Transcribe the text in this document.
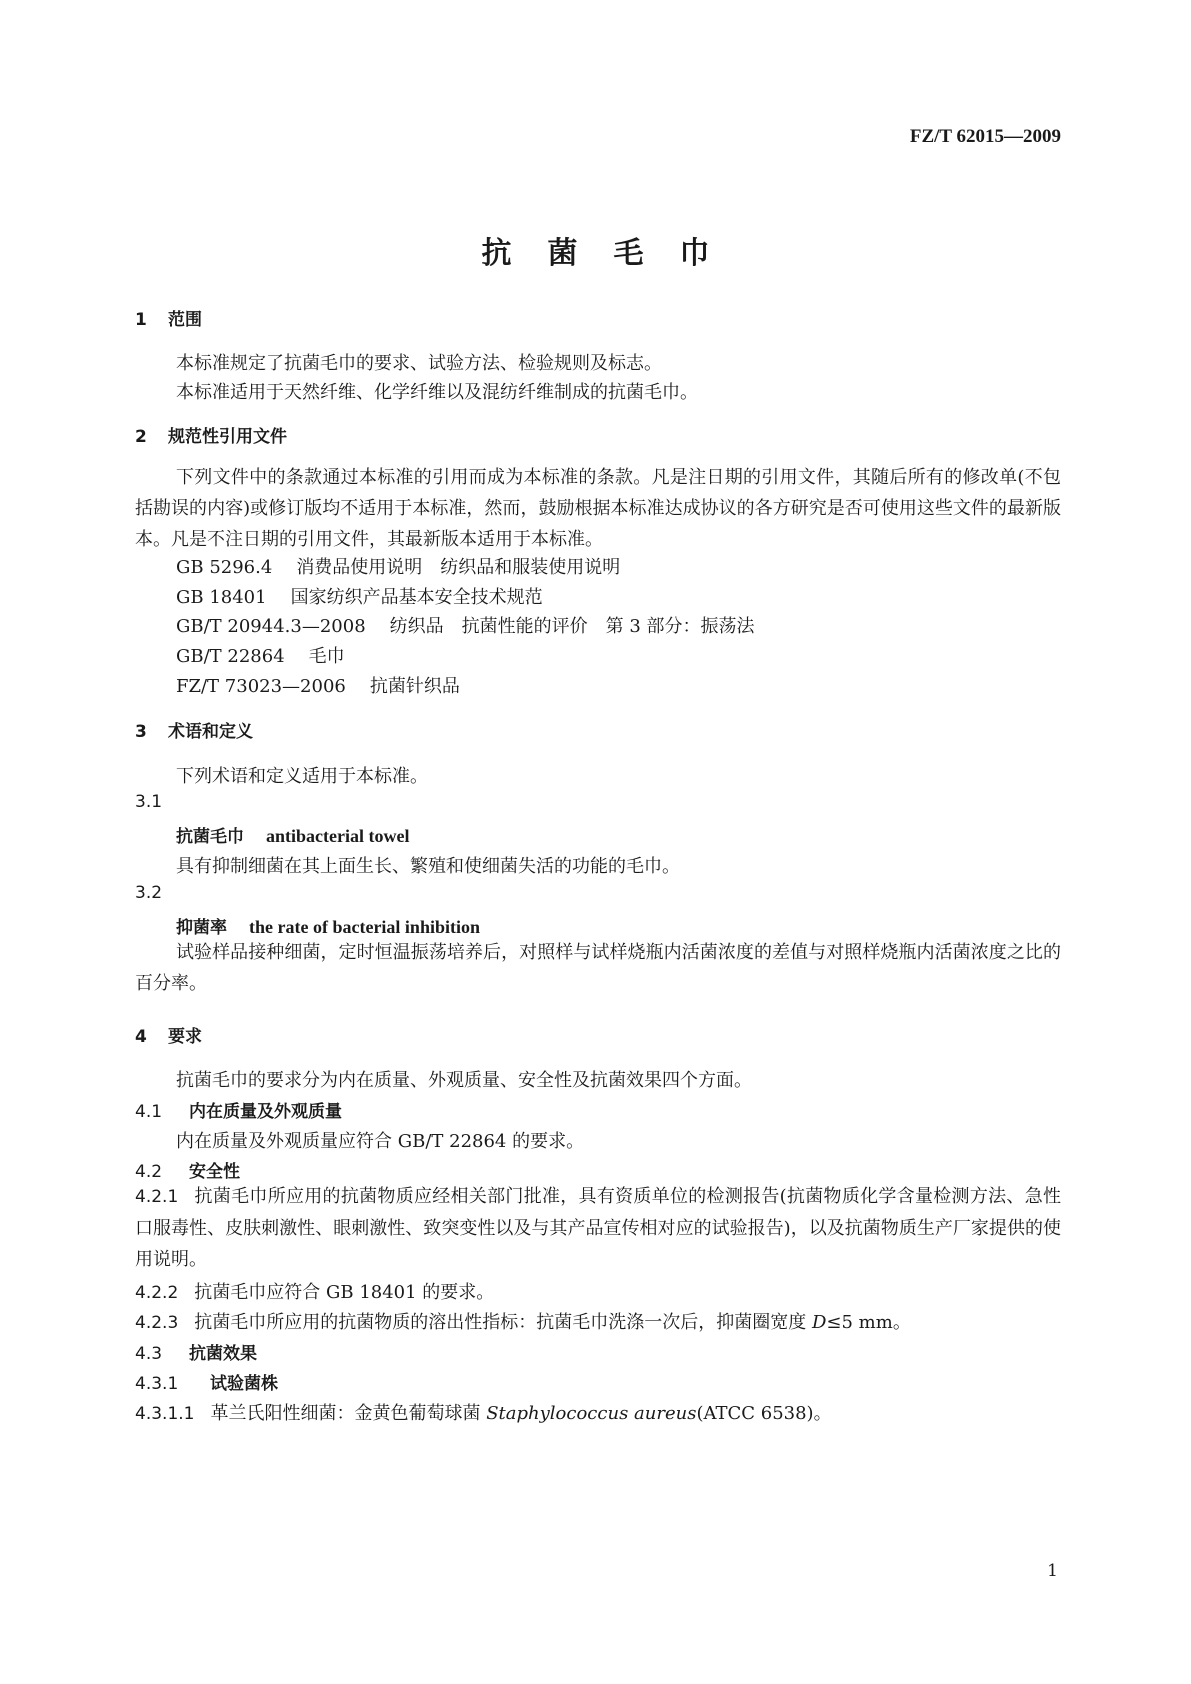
FZ/T 62015—2009
抗菌毛巾
1 范围
本标准规定了抗菌毛巾的要求、试验方法、检验规则及标志。
本标准适用于天然纤维、化学纤维以及混纺纤维制成的抗菌毛巾。
2 规范性引用文件
下列文件中的条款通过本标准的引用而成为本标准的条款。凡是注日期的引用文件，其随后所有的修改单(不包括勘误的内容)或修订版均不适用于本标准，然而，鼓励根据本标准达成协议的各方研究是否可使用这些文件的最新版本。凡是不注日期的引用文件，其最新版本适用于本标准。
GB 5296.4 消费品使用说明　纺织品和服装使用说明
GB 18401 国家纺织产品基本安全技术规范
GB/T 20944.3—2008 纺织品　抗菌性能的评价　第 3 部分：振荡法
GB/T 22864 毛巾
FZ/T 73023—2006 抗菌针织品
3 术语和定义
下列术语和定义适用于本标准。
3.1
抗菌毛巾 antibacterial towel
具有抑制细菌在其上面生长、繁殖和使细菌失活的功能的毛巾。
3.2
抑菌率 the rate of bacterial inhibition
试验样品接种细菌，定时恒温振荡培养后，对照样与试样烧瓶内活菌浓度的差值与对照样烧瓶内活菌浓度之比的百分率。
4 要求
抗菌毛巾的要求分为内在质量、外观质量、安全性及抗菌效果四个方面。
4.1 内在质量及外观质量
内在质量及外观质量应符合 GB/T 22864 的要求。
4.2 安全性
4.2.1 抗菌毛巾所应用的抗菌物质应经相关部门批准，具有资质单位的检测报告(抗菌物质化学含量检测方法、急性口服毒性、皮肤刺激性、眼刺激性、致突变性以及与其产品宣传相对应的试验报告)，以及抗菌物质生产厂家提供的使用说明。
4.2.2 抗菌毛巾应符合 GB 18401 的要求。
4.2.3 抗菌毛巾所应用的抗菌物质的溶出性指标：抗菌毛巾洗涤一次后，抑菌圈宽度 D≤5 mm。
4.3 抗菌效果
4.3.1 试验菌株
4.3.1.1 革兰氏阳性细菌：金黄色葡萄球菌 Staphylococcus aureus(ATCC 6538)。
1
